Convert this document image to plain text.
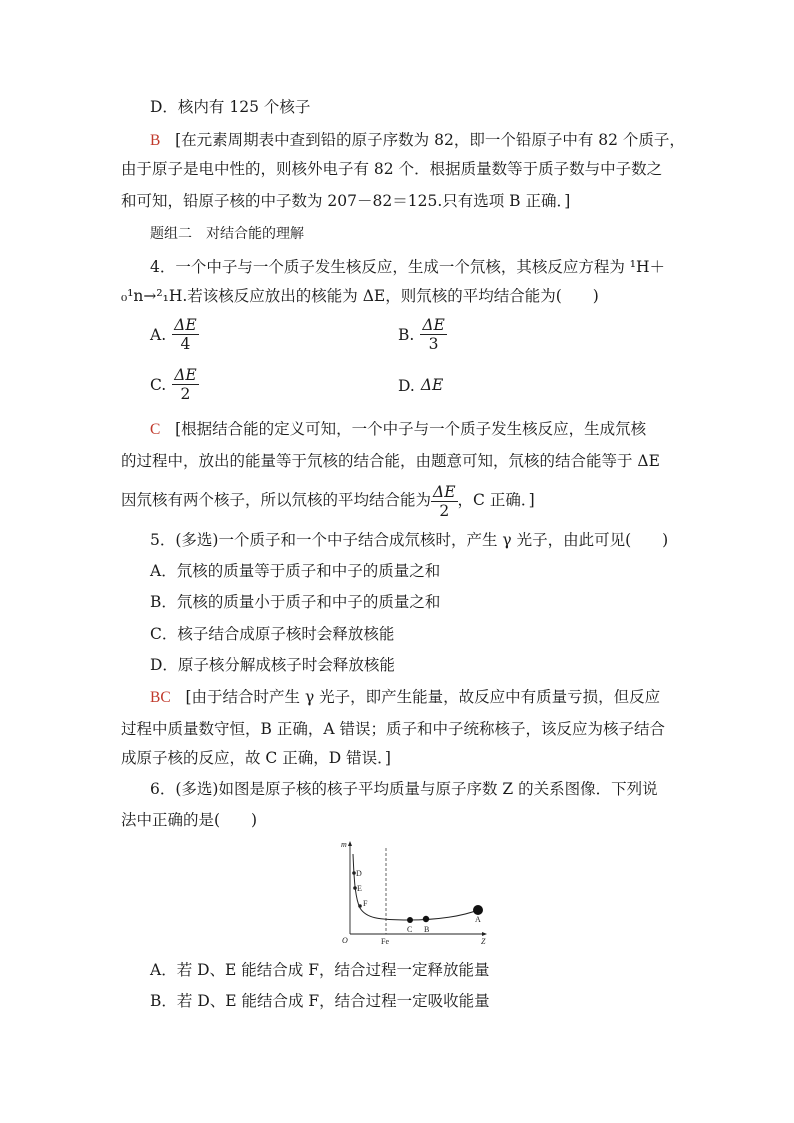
D．核内有 125 个核子
B [在元素周期表中查到铅的原子序数为 82，即一个铅原子中有 82 个质子，
由于原子是电中性的，则核外电子有 82 个．根据质量数等于质子数与中子数之
和可知，铅原子核的中子数为 207－82＝125.只有选项 B 正确．]
题组二　对结合能的理解
4．一个中子与一个质子发生核反应，生成一个氘核，其核反应方程为 ¹H＋
₀¹n→²₁H.若该核反应放出的核能为 ΔE，则氘核的平均结合能为(　　)
A. $\frac{\Delta E}{4}$	B. $\frac{\Delta E}{3}$
C. $\frac{\Delta E}{2}$	D. ΔE
C [根据结合能的定义可知，一个中子与一个质子发生核反应，生成氘核
的过程中，放出的能量等于氘核的结合能，由题意可知，氘核的结合能等于 ΔE
因氘核有两个核子，所以氘核的平均结合能为 $\frac{\Delta E}{2}$ ，C 正确．]
5．(多选)一个质子和一个中子结合成氘核时，产生 γ 光子，由此可见(　　)
A．氘核的质量等于质子和中子的质量之和
B．氘核的质量小于质子和中子的质量之和
C．核子结合成原子核时会释放核能
D．原子核分解成核子时会释放核能
BC [由于结合时产生 γ 光子，即产生能量，故反应中有质量亏损，但反应
过程中质量数守恒，B 正确，A 错误；质子和中子统称核子，该反应为核子结合
成原子核的反应，故 C 正确，D 错误．]
6．(多选)如图是原子核的核子平均质量与原子序数 Z 的关系图像．下列说
法中正确的是(　　)
m
Z
O	Fe
D
E
F
C B
A
A．若 D、E 能结合成 F，结合过程一定释放能量
B．若 D、E 能结合成 F，结合过程一定吸收能量
